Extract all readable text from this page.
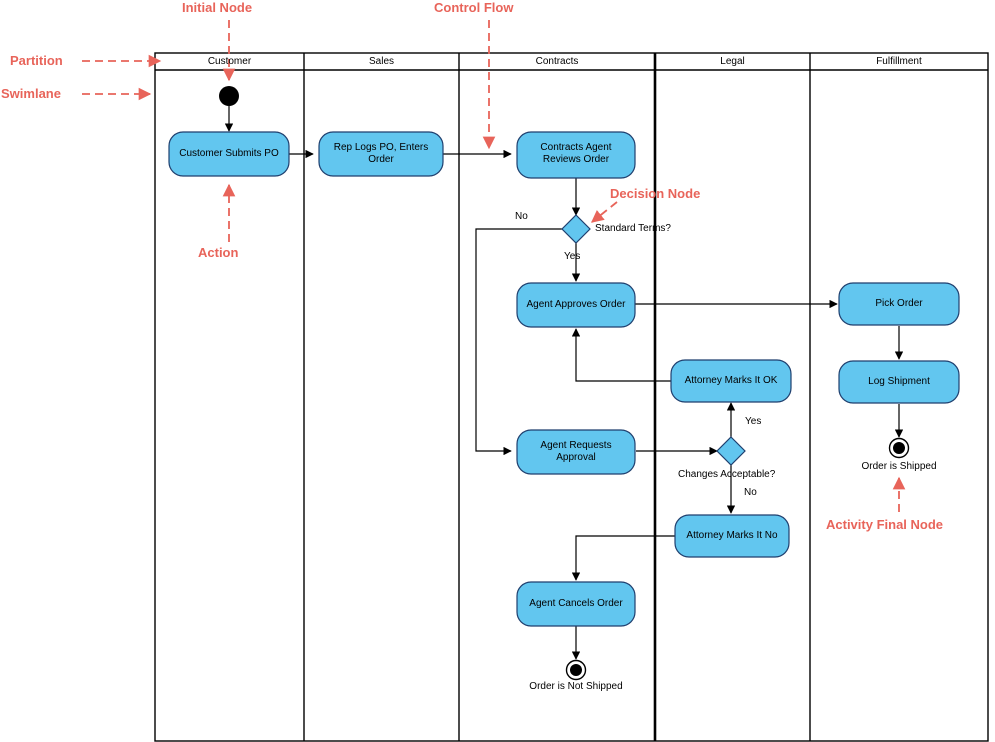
Customer	Sales	Contracts	Legal	Fulfillment
Customer Submits PO
Rep Logs PO, Enters Order
Contracts Agent Reviews Order
Agent Approves Order
Agent Requests Approval
Agent Cancels Order
Attorney Marks It OK
Attorney Marks It No
Pick Order
Log Shipment
Standard Terms?
Changes Acceptable?
No
Yes
Yes
No
Order is Shipped
Order is Not Shipped
Initial Node	Control Flow
Partition
Swimlane
Action
Decision Node
Activity Final Node
